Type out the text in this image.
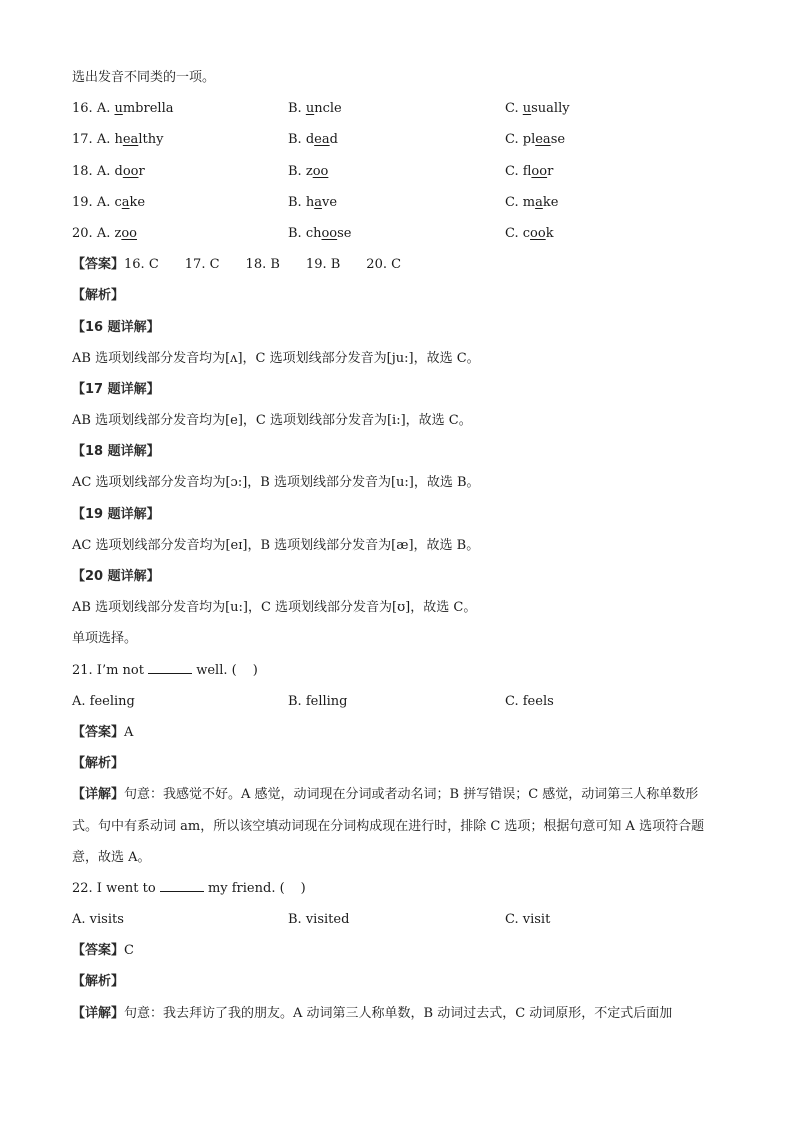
选出发音不同类的一项。
16. A. umbrella	B. uncle	C. usually
17. A. healthy	B. dead	C. please
18. A. door	B. zoo	C. floor
19. A. cake	B. have	C. make
20. A. zoo	B. choose	C. cook
【答案】16. C 17. C 18. B 19. B 20. C
【解析】
【16 题详解】
AB 选项划线部分发音均为[ʌ]，C 选项划线部分发音为[ju:]，故选 C。
【17 题详解】
AB 选项划线部分发音均为[e]，C 选项划线部分发音为[i:]，故选 C。
【18 题详解】
AC 选项划线部分发音均为[ɔ:]，B 选项划线部分发音为[u:]，故选 B。
【19 题详解】
AC 选项划线部分发音均为[eɪ]，B 选项划线部分发音为[æ]，故选 B。
【20 题详解】
AB 选项划线部分发音均为[u:]，C 选项划线部分发音为[ʊ]，故选 C。
单项选择。
21. I’m not	well. ( )
A. feeling	B. felling	C. feels
【答案】A
【解析】
【详解】句意：我感觉不好。A 感觉，动词现在分词或者动名词；B 拼写错误；C 感觉，动词第三人称单数形式。句中有系动词 am，所以该空填动词现在分词构成现在进行时，排除 C 选项；根据句意可知 A 选项符合题意，故选 A。
22. I went to	my friend. ( )
A. visits	B. visited	C. visit
【答案】C
【解析】
【详解】句意：我去拜访了我的朋友。A 动词第三人称单数，B 动词过去式，C 动词原形，不定式后面加
